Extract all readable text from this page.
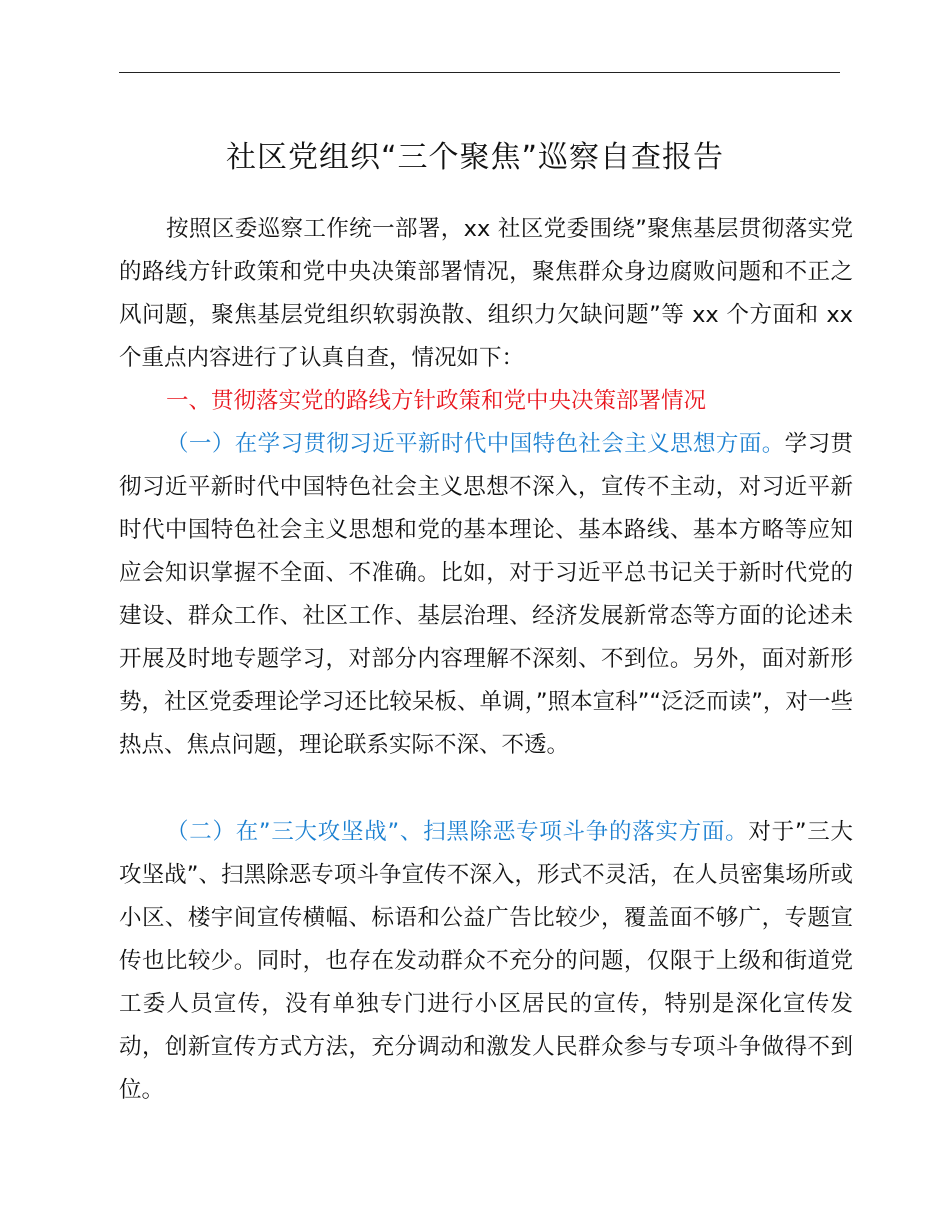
社区党组织“三个聚焦”巡察自查报告

按照区委巡察工作统一部署，xx 社区党委围绕”聚焦基层贯彻落实党的路线方针政策和党中央决策部署情况，聚焦群众身边腐败问题和不正之风问题，聚焦基层党组织软弱涣散、组织力欠缺问题”等 xx 个方面和 xx 个重点内容进行了认真自查，情况如下：

一、贯彻落实党的路线方针政策和党中央决策部署情况

（一）在学习贯彻习近平新时代中国特色社会主义思想方面。学习贯彻习近平新时代中国特色社会主义思想不深入，宣传不主动，对习近平新时代中国特色社会主义思想和党的基本理论、基本路线、基本方略等应知应会知识掌握不全面、不准确。比如，对于习近平总书记关于新时代党的建设、群众工作、社区工作、基层治理、经济发展新常态等方面的论述未开展及时地专题学习，对部分内容理解不深刻、不到位。另外，面对新形势，社区党委理论学习还比较呆板、单调，”照本宣科”“泛泛而读”，对一些热点、焦点问题，理论联系实际不深、不透。

（二）在”三大攻坚战”、扫黑除恶专项斗争的落实方面。对于”三大攻坚战”、扫黑除恶专项斗争宣传不深入，形式不灵活，在人员密集场所或小区、楼宇间宣传横幅、标语和公益广告比较少，覆盖面不够广，专题宣传也比较少。同时，也存在发动群众不充分的问题，仅限于上级和街道党工委人员宣传，没有单独专门进行小区居民的宣传，特别是深化宣传发动，创新宣传方式方法，充分调动和激发人民群众参与专项斗争做得不到位。
